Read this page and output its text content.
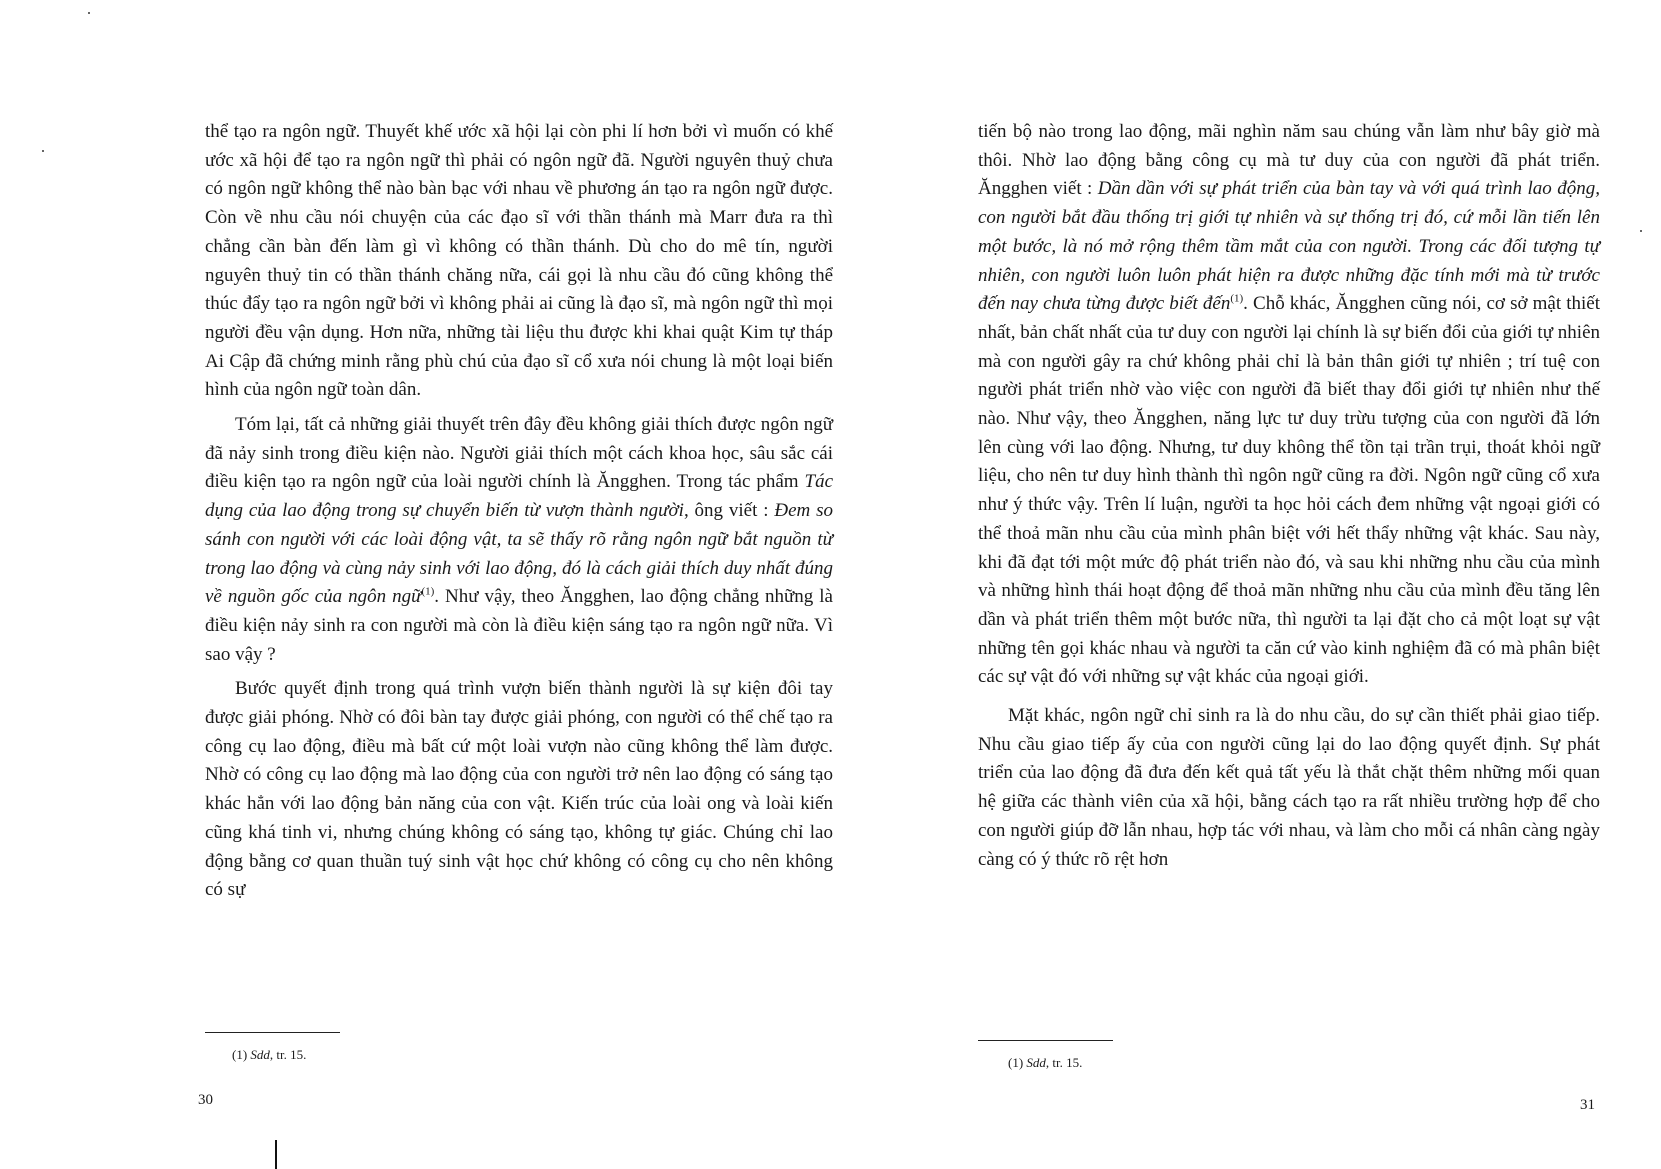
thể tạo ra ngôn ngữ. Thuyết khế ước xã hội lại còn phi lí hơn bởi vì muốn có khế ước xã hội để tạo ra ngôn ngữ thì phải có ngôn ngữ đã. Người nguyên thuỷ chưa có ngôn ngữ không thể nào bàn bạc với nhau về phương án tạo ra ngôn ngữ được. Còn về nhu cầu nói chuyện của các đạo sĩ với thần thánh mà Marr đưa ra thì chẳng cần bàn đến làm gì vì không có thần thánh. Dù cho do mê tín, người nguyên thuỷ tin có thần thánh chăng nữa, cái gọi là nhu cầu đó cũng không thể thúc đẩy tạo ra ngôn ngữ bởi vì không phải ai cũng là đạo sĩ, mà ngôn ngữ thì mọi người đều vận dụng. Hơn nữa, những tài liệu thu được khi khai quật Kim tự tháp Ai Cập đã chứng minh rằng phù chú của đạo sĩ cổ xưa nói chung là một loại biến hình của ngôn ngữ toàn dân.

Tóm lại, tất cả những giải thuyết trên đây đều không giải thích được ngôn ngữ đã nảy sinh trong điều kiện nào. Người giải thích một cách khoa học, sâu sắc cái điều kiện tạo ra ngôn ngữ của loài người chính là Ăngghen. Trong tác phẩm Tác dụng của lao động trong sự chuyển biến từ vượn thành người, ông viết : Đem so sánh con người với các loài động vật, ta sẽ thấy rõ rằng ngôn ngữ bắt nguồn từ trong lao động và cùng nảy sinh với lao động, đó là cách giải thích duy nhất đúng về nguồn gốc của ngôn ngữ$^{(1)}$. Như vậy, theo Ăngghen, lao động chẳng những là điều kiện nảy sinh ra con người mà còn là điều kiện sáng tạo ra ngôn ngữ nữa. Vì sao vậy ?

Bước quyết định trong quá trình vượn biến thành người là sự kiện đôi tay được giải phóng. Nhờ có đôi bàn tay được giải phóng, con người có thể chế tạo ra công cụ lao động, điều mà bất cứ một loài vượn nào cũng không thể làm được. Nhờ có công cụ lao động mà lao động của con người trở nên lao động có sáng tạo khác hẳn với lao động bản năng của con vật. Kiến trúc của loài ong và loài kiến cũng khá tinh vi, nhưng chúng không có sáng tạo, không tự giác. Chúng chỉ lao động bằng cơ quan thuần tuý sinh vật học chứ không có công cụ cho nên không có sự

(1) Sdd, tr. 15.
30

tiến bộ nào trong lao động, mãi nghìn năm sau chúng vẫn làm như bây giờ mà thôi. Nhờ lao động bằng công cụ mà tư duy của con người đã phát triển. Ăngghen viết : Dần dần với sự phát triển của bàn tay và với quá trình lao động, con người bắt đầu thống trị giới tự nhiên và sự thống trị đó, cứ mỗi lần tiến lên một bước, là nó mở rộng thêm tầm mắt của con người. Trong các đối tượng tự nhiên, con người luôn luôn phát hiện ra được những đặc tính mới mà từ trước đến nay chưa từng được biết đến$^{(1)}$. Chỗ khác, Ăngghen cũng nói, cơ sở mật thiết nhất, bản chất nhất của tư duy con người lại chính là sự biến đổi của giới tự nhiên mà con người gây ra chứ không phải chỉ là bản thân giới tự nhiên ; trí tuệ con người phát triển nhờ vào việc con người đã biết thay đổi giới tự nhiên như thế nào. Như vậy, theo Ăngghen, năng lực tư duy trừu tượng của con người đã lớn lên cùng với lao động. Nhưng, tư duy không thể tồn tại trần trụi, thoát khỏi ngữ liệu, cho nên tư duy hình thành thì ngôn ngữ cũng ra đời. Ngôn ngữ cũng cổ xưa như ý thức vậy. Trên lí luận, người ta học hỏi cách đem những vật ngoại giới có thể thoả mãn nhu cầu của mình phân biệt với hết thẩy những vật khác. Sau này, khi đã đạt tới một mức độ phát triển nào đó, và sau khi những nhu cầu của mình và những hình thái hoạt động để thoả mãn những nhu cầu của mình đều tăng lên dần và phát triển thêm một bước nữa, thì người ta lại đặt cho cả một loạt sự vật những tên gọi khác nhau và người ta căn cứ vào kinh nghiệm đã có mà phân biệt các sự vật đó với những sự vật khác của ngoại giới.

Mặt khác, ngôn ngữ chỉ sinh ra là do nhu cầu, do sự cần thiết phải giao tiếp. Nhu cầu giao tiếp ấy của con người cũng lại do lao động quyết định. Sự phát triển của lao động đã đưa đến kết quả tất yếu là thắt chặt thêm những mối quan hệ giữa các thành viên của xã hội, bằng cách tạo ra rất nhiều trường hợp để cho con người giúp đỡ lẫn nhau, hợp tác với nhau, và làm cho mỗi cá nhân càng ngày càng có ý thức rõ rệt hơn

(1) Sdd, tr. 15.
31
